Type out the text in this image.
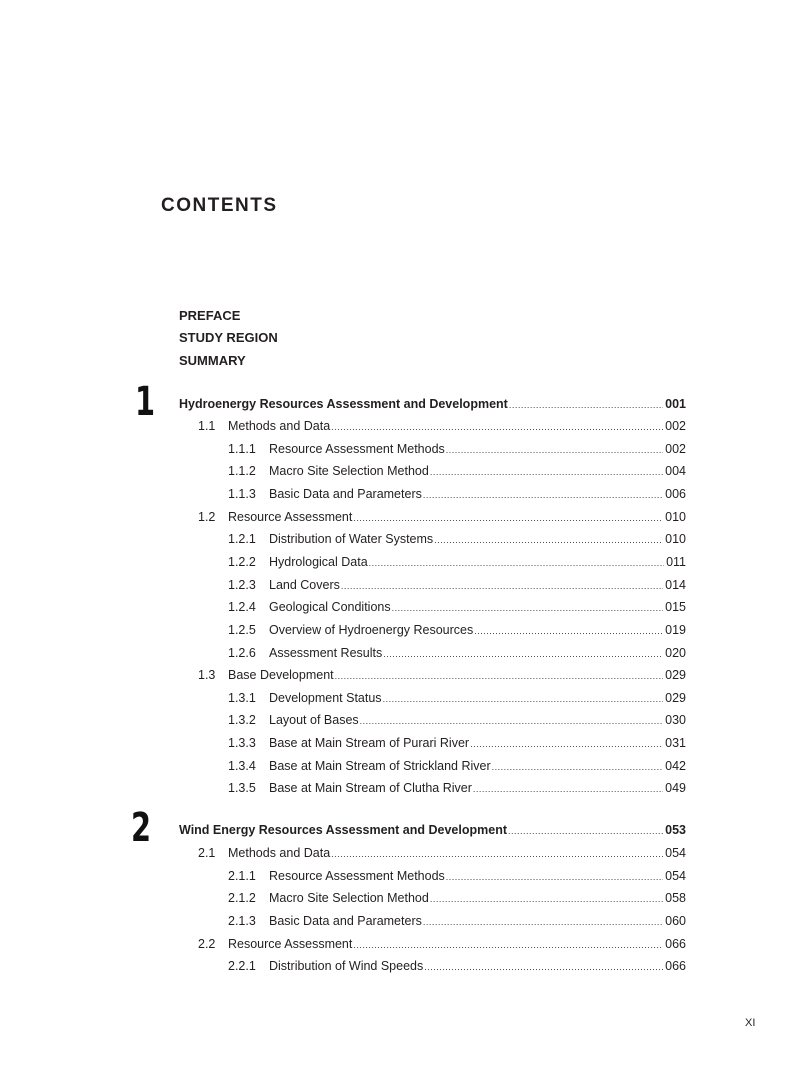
CONTENTS
PREFACE
STUDY REGION
SUMMARY
1 Hydroenergy Resources Assessment and Development .....	001
1.1	Methods and Data .....	002
1.1.1	Resource Assessment Methods .....	002
1.1.2	Macro Site Selection Method .....	004
1.1.3	Basic Data and Parameters .....	006
1.2	Resource Assessment .....	010
1.2.1	Distribution of Water Systems .....	010
1.2.2	Hydrological Data .....	011
1.2.3	Land Covers .....	014
1.2.4	Geological Conditions .....	015
1.2.5	Overview of Hydroenergy Resources .....	019
1.2.6	Assessment Results .....	020
1.3	Base Development .....	029
1.3.1	Development Status .....	029
1.3.2	Layout of Bases .....	030
1.3.3	Base at Main Stream of Purari River .....	031
1.3.4	Base at Main Stream of Strickland River .....	042
1.3.5	Base at Main Stream of Clutha River .....	049
2 Wind Energy Resources Assessment and Development .....	053
2.1	Methods and Data .....	054
2.1.1	Resource Assessment Methods .....	054
2.1.2	Macro Site Selection Method .....	058
2.1.3	Basic Data and Parameters .....	060
2.2	Resource Assessment .....	066
2.2.1	Distribution of Wind Speeds .....	066
XI
